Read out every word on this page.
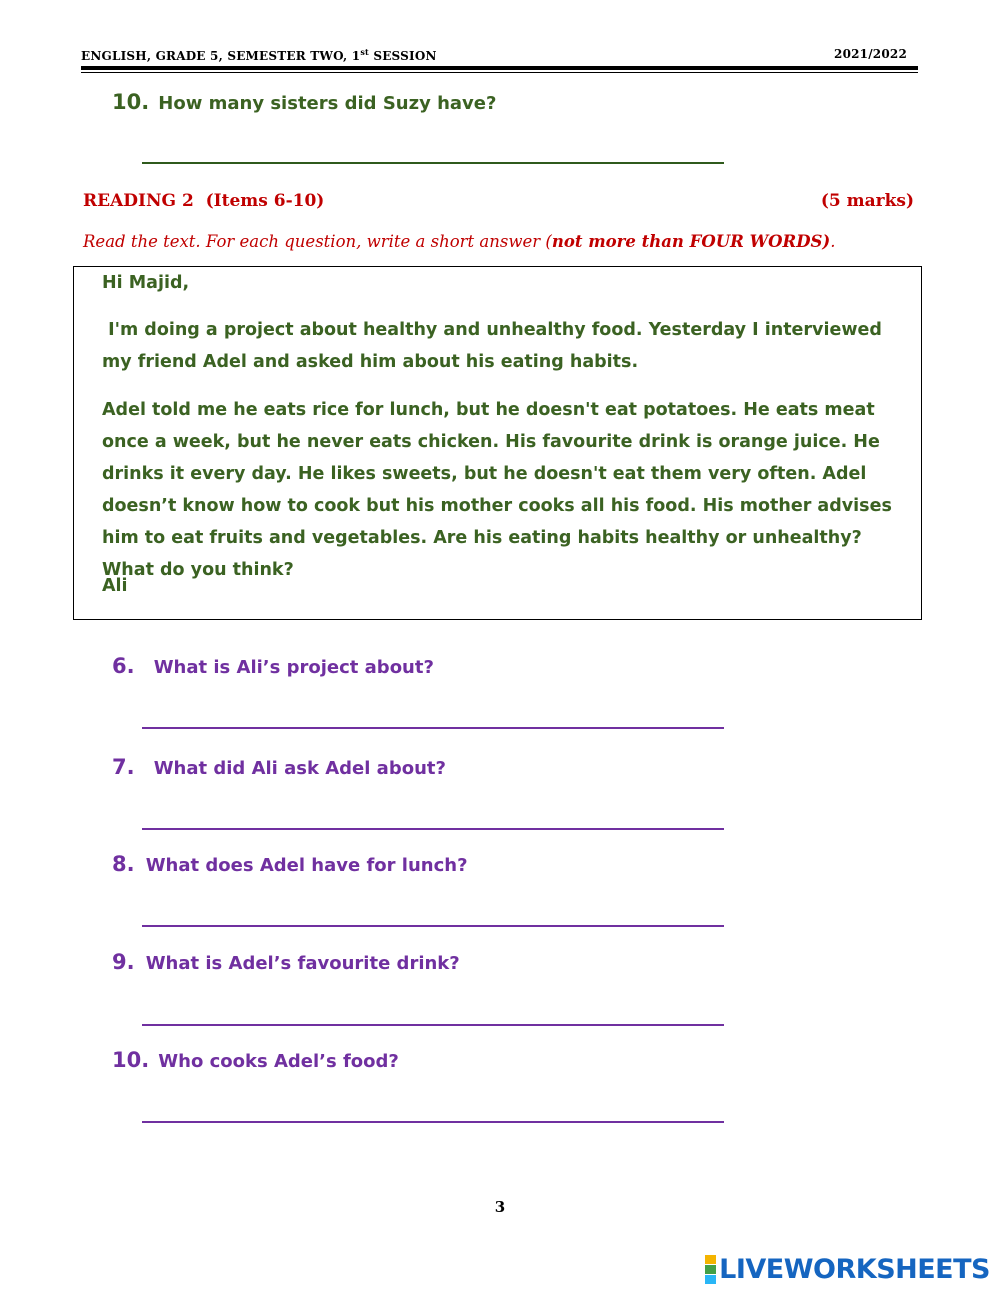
ENGLISH, GRADE 5, SEMESTER TWO, 1st SESSION	2021/2022
10. How many sisters did Suzy have?
READING 2  (Items 6-10)	(5 marks)
Read the text. For each question, write a short answer (not more than FOUR WORDS).
Hi Majid,
I'm doing a project about healthy and unhealthy food. Yesterday I interviewed my friend Adel and asked him about his eating habits.
Adel told me he eats rice for lunch, but he doesn't eat potatoes. He eats meat once a week, but he never eats chicken. His favourite drink is orange juice. He drinks it every day. He likes sweets, but he doesn't eat them very often. Adel doesn’t know how to cook but his mother cooks all his food. His mother advises him to eat fruits and vegetables. Are his eating habits healthy or unhealthy? What do you think?
Ali
6. What is Ali’s project about?
7. What did Ali ask Adel about?
8. What does Adel have for lunch?
9. What is Adel’s favourite drink?
10. Who cooks Adel’s food?
3
LIVEWORKSHEETS
